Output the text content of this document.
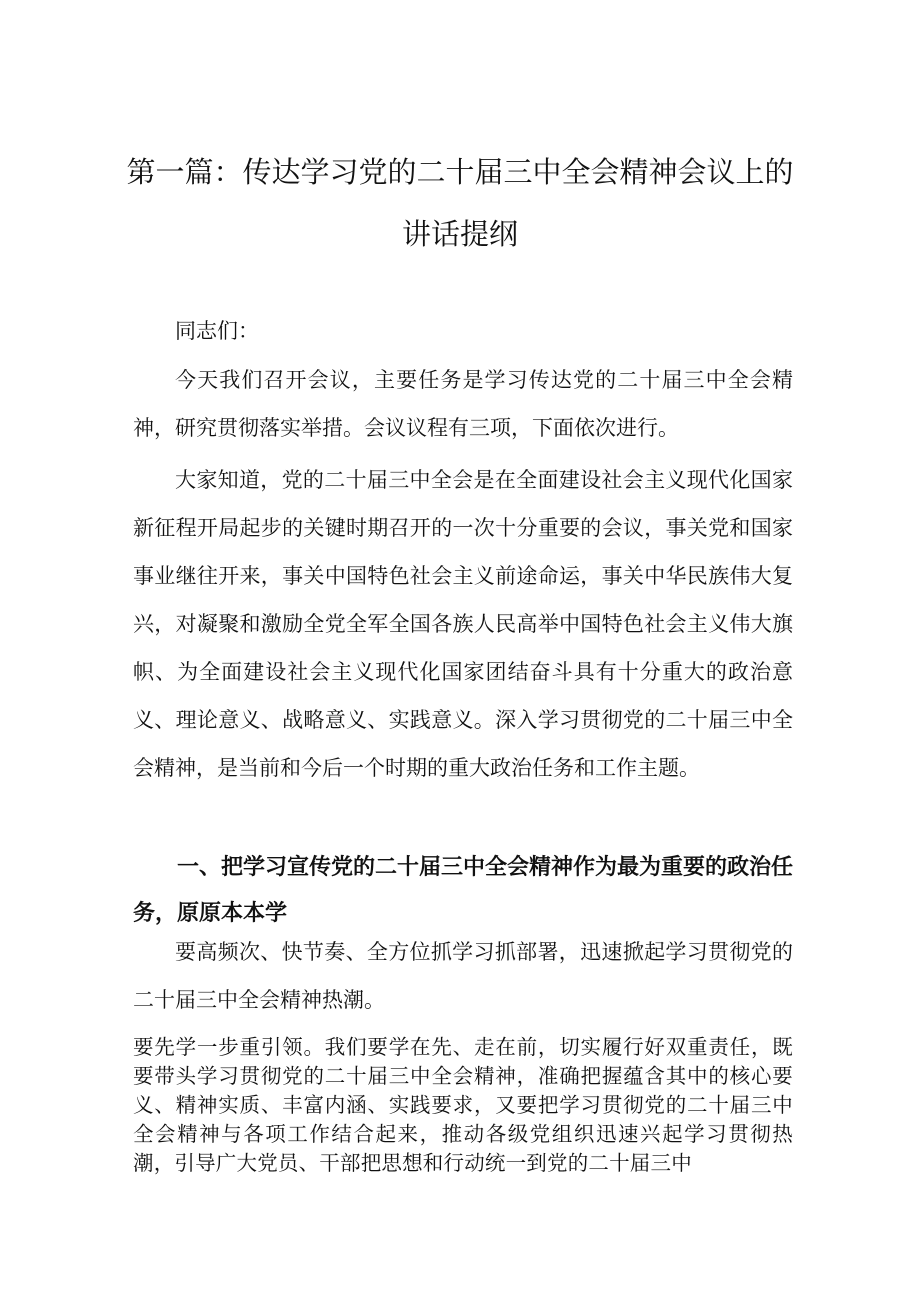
第一篇：传达学习党的二十届三中全会精神会议上的
讲话提纲

同志们：

今天我们召开会议，主要任务是学习传达党的二十届三中全会精神，研究贯彻落实举措。会议议程有三项，下面依次进行。

大家知道，党的二十届三中全会是在全面建设社会主义现代化国家新征程开局起步的关键时期召开的一次十分重要的会议，事关党和国家事业继往开来，事关中国特色社会主义前途命运，事关中华民族伟大复兴，对凝聚和激励全党全军全国各族人民高举中国特色社会主义伟大旗帜、为全面建设社会主义现代化国家团结奋斗具有十分重大的政治意义、理论意义、战略意义、实践意义。深入学习贯彻党的二十届三中全会精神，是当前和今后一个时期的重大政治任务和工作主题。

一、把学习宣传党的二十届三中全会精神作为最为重要的政治任务，原原本本学

要高频次、快节奏、全方位抓学习抓部署，迅速掀起学习贯彻党的二十届三中全会精神热潮。

要先学一步重引领。我们要学在先、走在前，切实履行好双重责任，既要带头学习贯彻党的二十届三中全会精神，准确把握蕴含其中的核心要义、精神实质、丰富内涵、实践要求，又要把学习贯彻党的二十届三中全会精神与各项工作结合起来，推动各级党组织迅速兴起学习贯彻热潮，引导广大党员、干部把思想和行动统一到党的二十届三中
